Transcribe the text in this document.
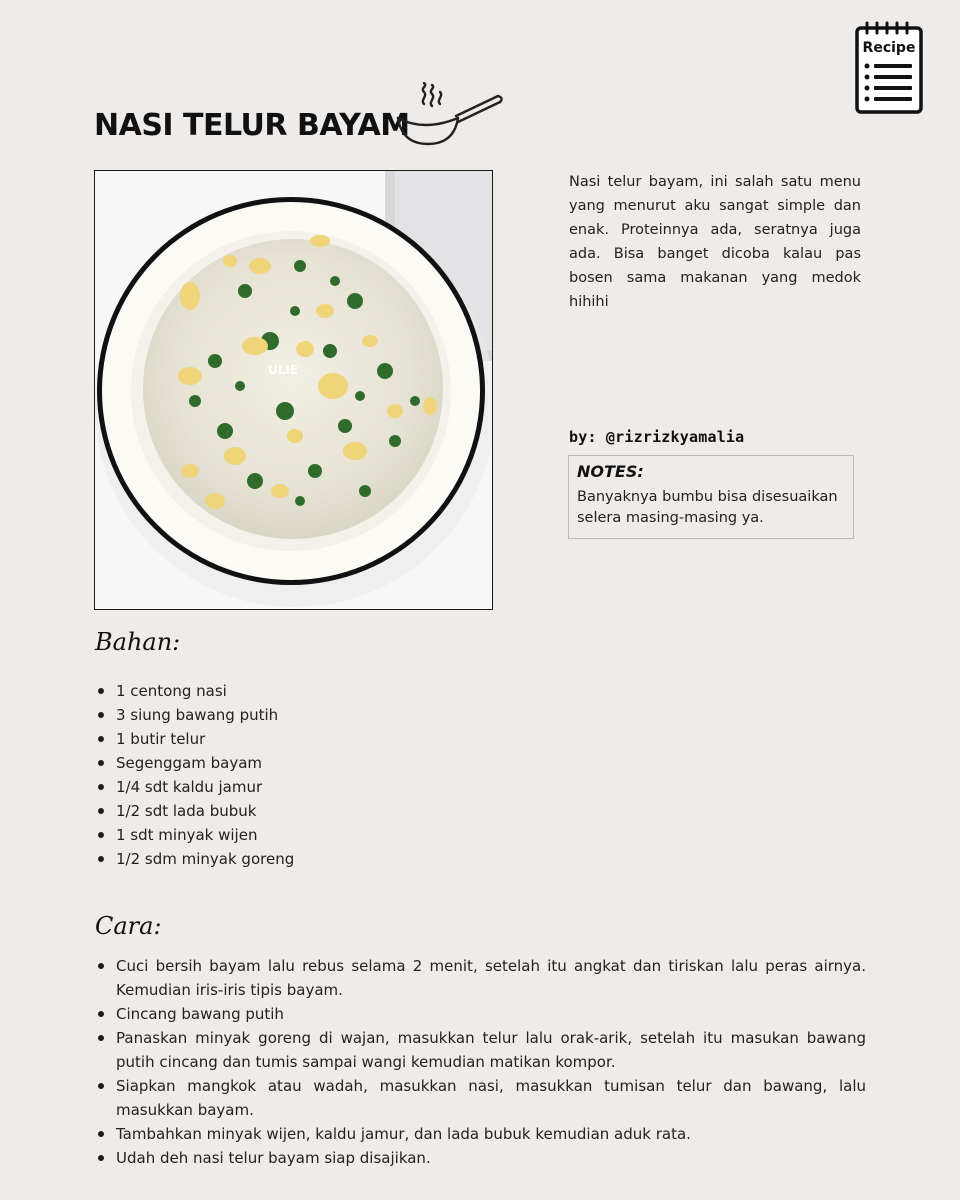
Recipe
NASI TELUR BAYAM
ULIE

Nasi telur bayam, ini salah satu menu yang menurut aku sangat simple dan enak. Proteinnya ada, seratnya juga ada. Bisa banget dicoba kalau pas bosen sama makanan yang medok hihihi

by: @rizrizkyamalia

NOTES:

Banyaknya bumbu bisa disesuaikan selera masing-masing ya.

Bahan:
1 centong nasi
3 siung bawang putih
1 butir telur
Segenggam bayam
1/4 sdt kaldu jamur
1/2 sdt lada bubuk
1 sdt minyak wijen
1/2 sdm minyak goreng
Cara:
Cuci bersih bayam lalu rebus selama 2 menit, setelah itu angkat dan tiriskan lalu peras airnya. Kemudian iris-iris tipis bayam.
Cincang bawang putih
Panaskan minyak goreng di wajan, masukkan telur lalu orak-arik, setelah itu masukan bawang putih cincang dan tumis sampai wangi kemudian matikan kompor.
Siapkan mangkok atau wadah, masukkan nasi, masukkan tumisan telur dan bawang, lalu masukkan bayam.
Tambahkan minyak wijen, kaldu jamur, dan lada bubuk kemudian aduk rata.
Udah deh nasi telur bayam siap disajikan.
